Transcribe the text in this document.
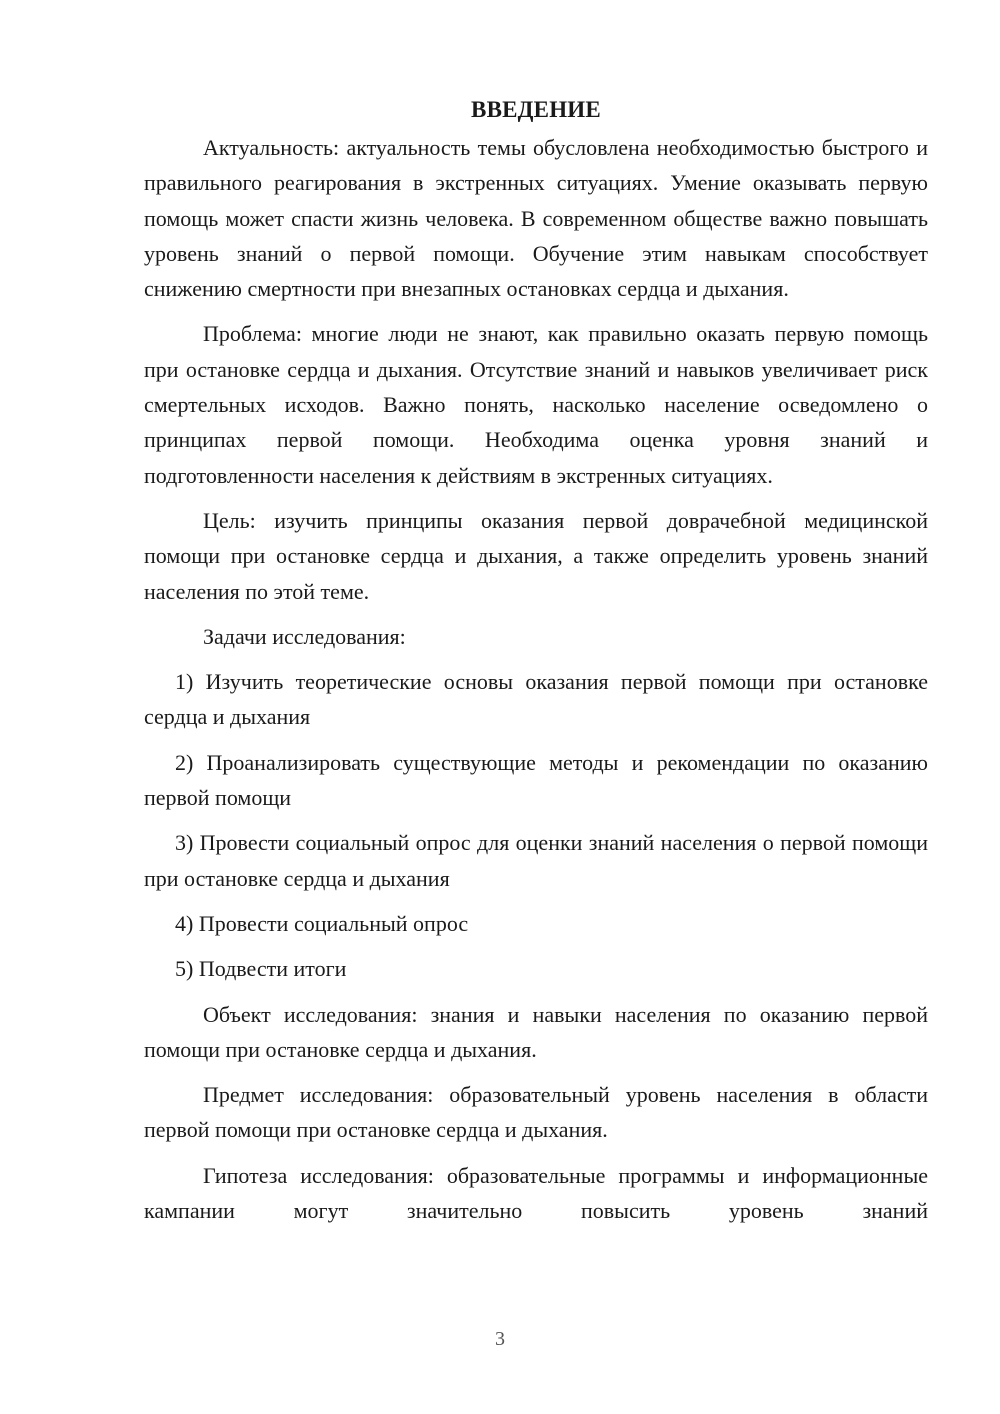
ВВЕДЕНИЕ

Актуальность: актуальность темы обусловлена необходимостью быстрого и правильного реагирования в экстренных ситуациях. Умение оказывать первую помощь может спасти жизнь человека. В современном обществе важно повышать уровень знаний о первой помощи. Обучение этим навыкам способствует снижению смертности при внезапных остановках сердца и дыхания.

Проблема: многие люди не знают, как правильно оказать первую помощь при остановке сердца и дыхания. Отсутствие знаний и навыков увеличивает риск смертельных исходов. Важно понять, насколько население осведомлено о принципах первой помощи. Необходима оценка уровня знаний и подготовленности населения к действиям в экстренных ситуациях.

Цель: изучить принципы оказания первой доврачебной медицинской помощи при остановке сердца и дыхания, а также определить уровень знаний населения по этой теме.

Задачи исследования:

1) Изучить теоретические основы оказания первой помощи при остановке сердца и дыхания

2) Проанализировать существующие методы и рекомендации по оказанию первой помощи

3) Провести социальный опрос для оценки знаний населения о первой помощи при остановке сердца и дыхания

4) Провести социальный опрос

5) Подвести итоги

Объект исследования: знания и навыки населения по оказанию первой помощи при остановке сердца и дыхания.

Предмет исследования: образовательный уровень населения в области первой помощи при остановке сердца и дыхания.

Гипотеза исследования: образовательные программы и информационные кампании могут значительно повысить уровень знаний

3
